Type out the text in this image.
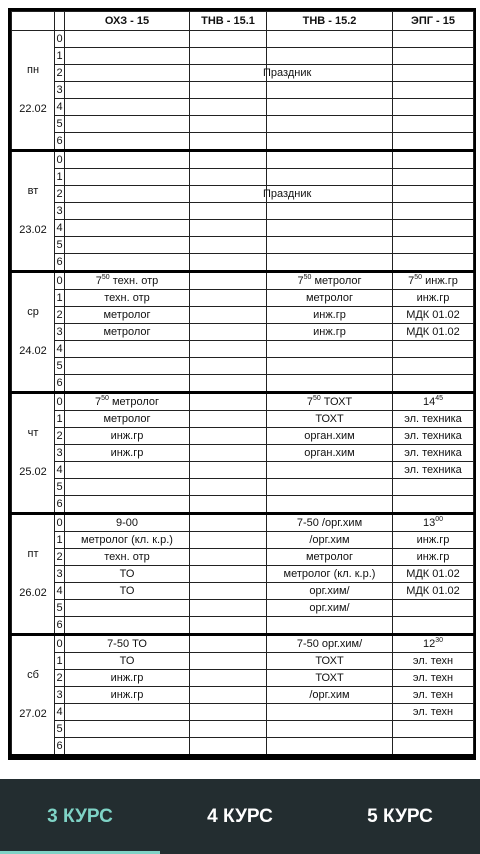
		ОХЗ - 15	ТНВ - 15.1	ТНВ - 15.2	ЭПГ - 15

пн
22.02	0				
	1				
	2			Праздник	
	3				
	4				
	5				
	6				

вт
23.02	0				
	1				
	2			Праздник	
	3				
	4				
	5				
	6				

ср
24.02	0	$7^{50}$ техн. отр		$7^{50}$ метролог	$7^{50}$ инж.гр
	1	техн. отр		метролог	инж.гр
	2	метролог		инж.гр	МДК 01.02
	3	метролог		инж.гр	МДК 01.02
	4				
	5				
	6				

чт
25.02	0	$7^{50}$ метролог		$7^{50}$ ТОХТ	$14^{45}$
	1	метролог		ТОХТ	эл. техника
	2	инж.гр		орган.хим	эл. техника
	3	инж.гр		орган.хим	эл. техника
	4				эл. техника
	5				
	6				

пт
26.02	0	9-00		7-50 /орг.хим	$13^{00}$
	1	метролог (кл. к.р.)		/орг.хим	инж.гр
	2	техн. отр		метролог	инж.гр
	3	ТО		метролог (кл. к.р.)	МДК 01.02
	4	ТО		орг.хим/	МДК 01.02
	5			орг.хим/	
	6				

сб
27.02	0	7-50 ТО		7-50 орг.хим/	$12^{30}$
	1	ТО		ТОХТ	эл. техн
	2	инж.гр		ТОХТ	эл. техн
	3	инж.гр		/орг.хим	эл. техн
	4				эл. техн
	5				
	6				
3 КУРС	4 КУРС	5 КУРС
